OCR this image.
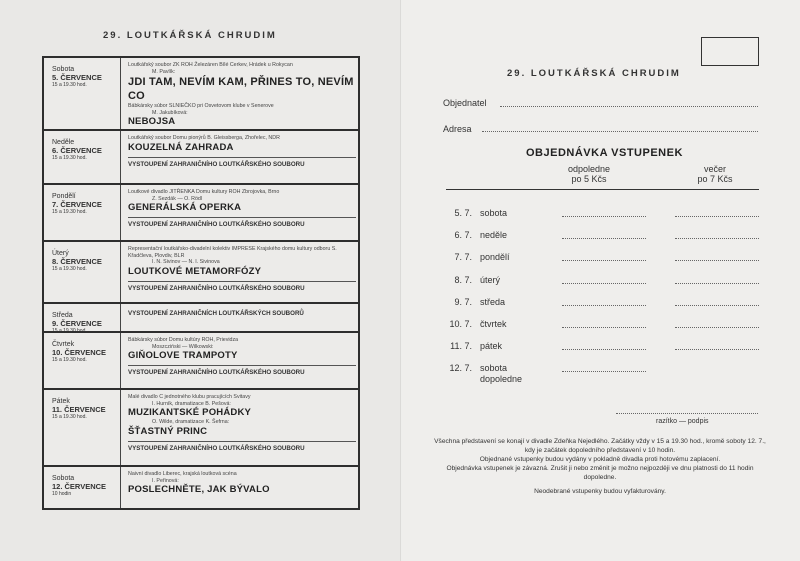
29. LOUTKÁŘSKÁ CHRUDIM
Sobota
5. ČERVENCE
15 a 19.30 hod.
Loutkářský soubor ZK ROH Železáren Bílé Cerkev, Hrádek u Rokycan
M. Pavlík:
JDI TAM, NEVÍM KAM, PŘINES TO, NEVÍM CO
Bábkársky súbor SLNIEČKO pri Osvetovom klube v Senerove
M. Jakubíková:
NEBOJSA
Neděle
6. ČERVENCE
15 a 19.30 hod.
Loutkářský soubor Domu pionýrů B. Gleissberga, Zhořelec, NDR
KOUZELNÁ ZAHRADA
VYSTOUPENÍ ZAHRANIČNÍHO LOUTKÁŘSKÉHO SOUBORU
Pondělí
7. ČERVENCE
15 a 19.30 hod.
Loutkové divadlo JITŘENKA Domu kultury ROH Zbrojovka, Brno
Z. Sezdák — O. Rödl
GENERÁLSKÁ OPERKA
VYSTOUPENÍ ZAHRANIČNÍHO LOUTKÁŘSKÉHO SOUBORU
Úterý
8. ČERVENCE
15 a 19.30 hod.
Representační loutkářsko-divadelní kolektiv IMPRESE Krajského domu kultury odboru S. Křadčleva, Plovdiv, BLR
I. N. Sivinov — N. I. Sivinova
LOUTKOVÉ METAMORFÓZY
VYSTOUPENÍ ZAHRANIČNÍHO LOUTKÁŘSKÉHO SOUBORU
Středa
9. ČERVENCE
15 a 19.30 hod.
VYSTOUPENÍ ZAHRANIČNÍCH LOUTKÁŘSKÝCH SOUBORŮ
Čtvrtek
10. ČERVENCE
15 a 19.30 hod.
Bábkársky súbor Domu kultúry ROH, Prievidza
Moszcziński — Wilkowski:
GIŇOLOVE TRAMPOTY
VYSTOUPENÍ ZAHRANIČNÍHO LOUTKÁŘSKÉHO SOUBORU
Pátek
11. ČERVENCE
15 a 19.30 hod.
Malé divadlo C jednotného klubu pracujících Svitavy
I. Hurník, dramatizace B. Pešová:
MUZIKANTSKÉ POHÁDKY
O. Wilde, dramatizace K. Šefrna:
ŠŤASTNÝ PRINC
VYSTOUPENÍ ZAHRANIČNÍHO LOUTKÁŘSKÉHO SOUBORU
Sobota
12. ČERVENCE
10 hodin
Naivní divadlo Liberec, krajská loutková scéna
I. Peřinová:
POSLECHNĚTE, JAK BÝVALO
29. LOUTKÁŘSKÁ CHRUDIM
Objednatel
Adresa
OBJEDNÁVKA VSTUPENEK
odpoledne
po 5 Kčs
večer
po 7 Kčs
5. 7. sobota
6. 7. neděle
7. 7. pondělí
8. 7. úterý
9. 7. středa
10. 7. čtvrtek
11. 7. pátek
12. 7. sobota dopoledne
razítko — podpis

Všechna představení se konají v divadle Zdeňka Nejedlého. Začátky vždy v 15 a 19.30 hod., kromě soboty 12. 7., kdy je začátek dopoledního představení v 10 hodin.

Objednané vstupenky budou vydány v pokladně divadla proti hotovému zaplacení.

Objednávka vstupenek je závazná. Zrušit ji nebo změnit je možno nejpozději ve dnu platnosti do 11 hodin dopoledne.

Neodebrané vstupenky budou vyfakturovány.
